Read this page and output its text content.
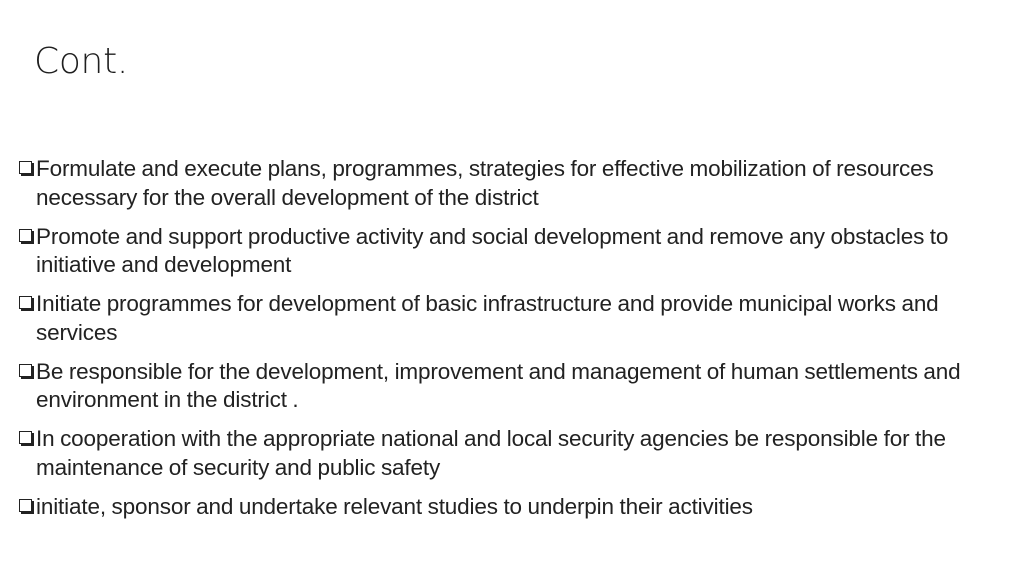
Cont.
Formulate and execute plans, programmes, strategies for effective mobilization of resources necessary for the overall development of the district
Promote and support productive activity and social development and remove any obstacles to initiative and development
Initiate programmes for development of basic infrastructure and provide municipal works and services
Be responsible for the development, improvement and management of human settlements and environment in the district .
In cooperation with the appropriate national and local security agencies be responsible for the maintenance of security and public safety
initiate, sponsor and undertake relevant studies to underpin their activities
